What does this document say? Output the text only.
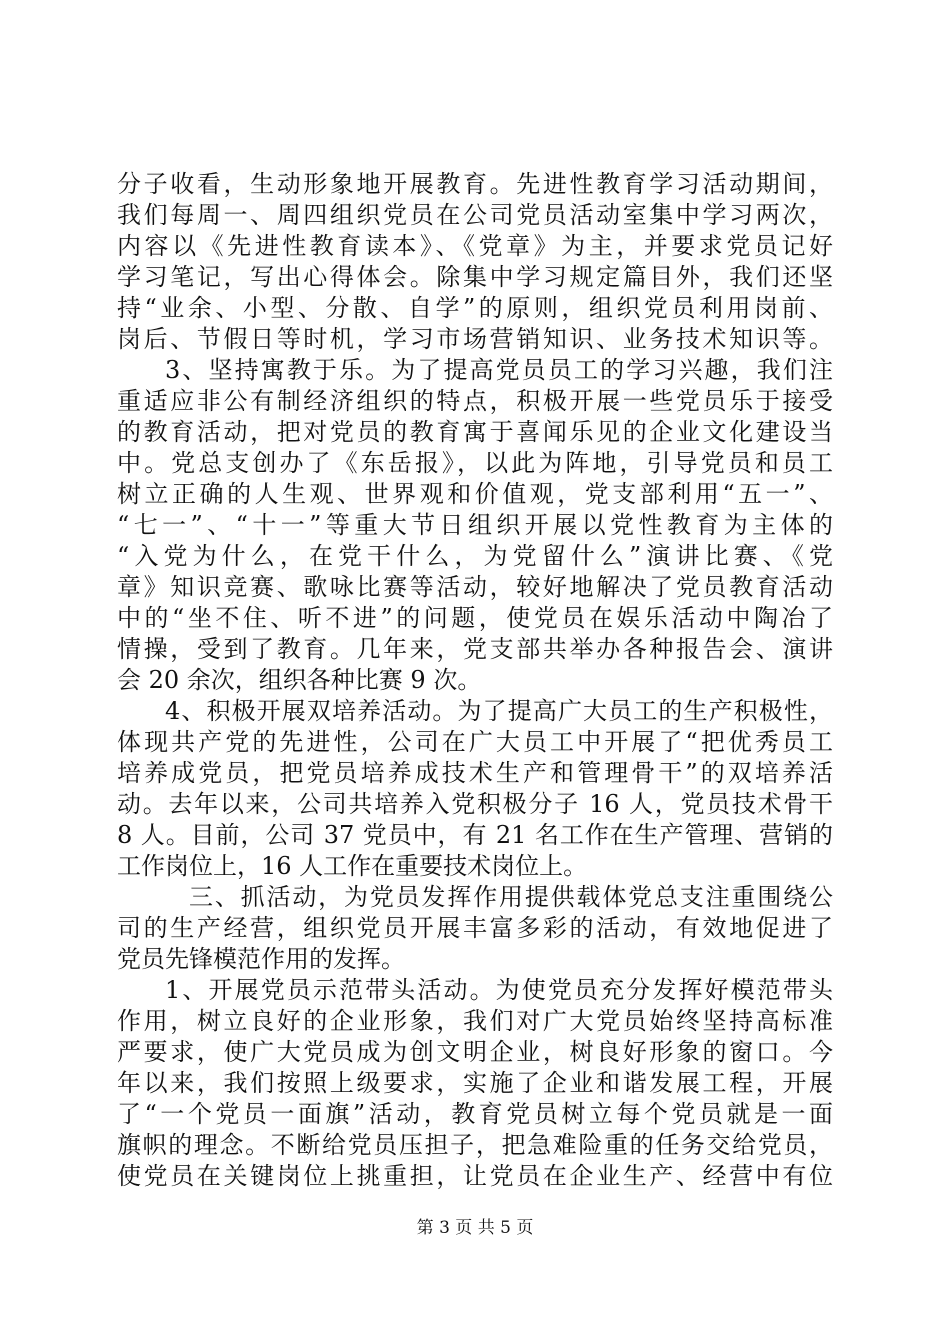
分子收看，生动形象地开展教育。先进性教育学习活动期间，
我们每周一、周四组织党员在公司党员活动室集中学习两次，
内容以《先进性教育读本》、《党章》为主，并要求党员记好
学习笔记，写出心得体会。除集中学习规定篇目外，我们还坚
持“业余、小型、分散、自学”的原则，组织党员利用岗前、
岗后、节假日等时机，学习市场营销知识、业务技术知识等。
3、坚持寓教于乐。为了提高党员员工的学习兴趣，我们注
重适应非公有制经济组织的特点，积极开展一些党员乐于接受
的教育活动，把对党员的教育寓于喜闻乐见的企业文化建设当
中。党总支创办了《东岳报》，以此为阵地，引导党员和员工
树立正确的人生观、世界观和价值观，党支部利用“五一”、
“七一”、“十一”等重大节日组织开展以党性教育为主体的
“入党为什么，在党干什么，为党留什么”演讲比赛、《党
章》知识竞赛、歌咏比赛等活动，较好地解决了党员教育活动
中的“坐不住、听不进”的问题，使党员在娱乐活动中陶冶了
情操，受到了教育。几年来，党支部共举办各种报告会、演讲
会 20 余次，组织各种比赛 9 次。
4、积极开展双培养活动。为了提高广大员工的生产积极性，
体现共产党的先进性，公司在广大员工中开展了“把优秀员工
培养成党员，把党员培养成技术生产和管理骨干”的双培养活
动。去年以来，公司共培养入党积极分子 16 人，党员技术骨干
8 人。目前，公司 37 党员中，有 21 名工作在生产管理、营销的
工作岗位上，16 人工作在重要技术岗位上。
三、抓活动，为党员发挥作用提供载体党总支注重围绕公
司的生产经营，组织党员开展丰富多彩的活动，有效地促进了
党员先锋模范作用的发挥。
1、开展党员示范带头活动。为使党员充分发挥好模范带头
作用，树立良好的企业形象，我们对广大党员始终坚持高标准
严要求，使广大党员成为创文明企业，树良好形象的窗口。今
年以来，我们按照上级要求，实施了企业和谐发展工程，开展
了“一个党员一面旗”活动，教育党员树立每个党员就是一面
旗帜的理念。不断给党员压担子，把急难险重的任务交给党员，
使党员在关键岗位上挑重担，让党员在企业生产、经营中有位
第 3 页 共 5 页
